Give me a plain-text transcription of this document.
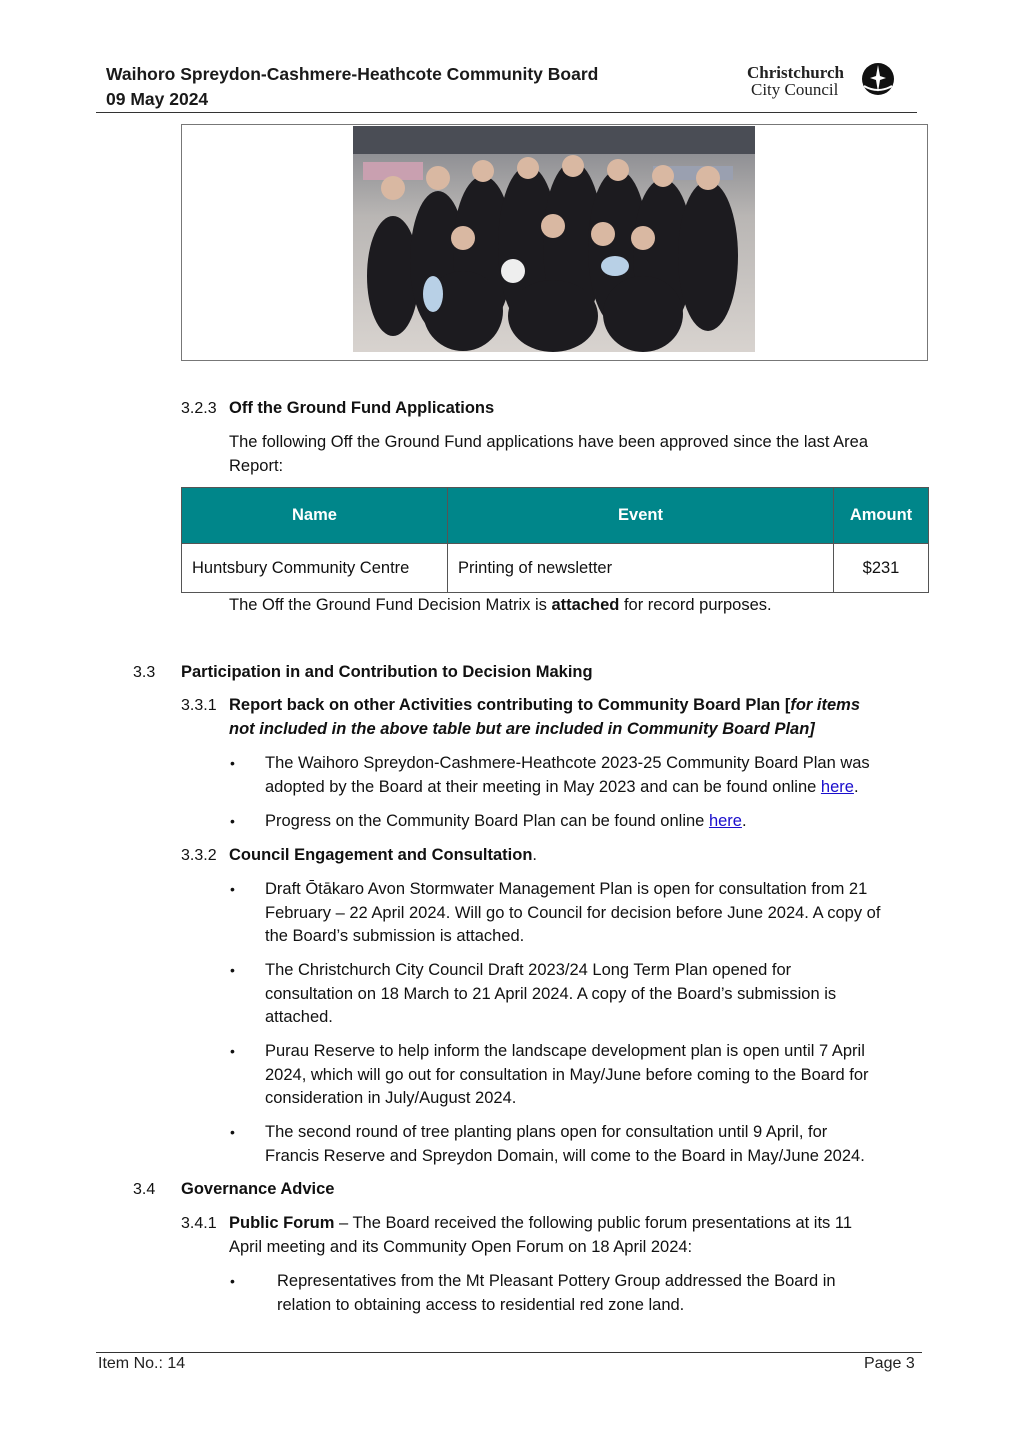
Waihoro Spreydon-Cashmere-Heathcote Community Board
09 May 2024
Christchurch
City Council
3.2.3 Off the Ground Fund Applications
The following Off the Ground Fund applications have been approved since the last Area
Report:
Name	Event	Amount
Huntsbury Community Centre	Printing of newsletter	$231
The Off the Ground Fund Decision Matrix is attached for record purposes.
3.3 Participation in and Contribution to Decision Making
3.3.1 Report back on other Activities contributing to Community Board Plan [for items
not included in the above table but are included in Community Board Plan]
• The Waihoro Spreydon-Cashmere-Heathcote 2023-25 Community Board Plan was
adopted by the Board at their meeting in May 2023 and can be found online here.
• Progress on the Community Board Plan can be found online here.
3.3.2 Council Engagement and Consultation.
• Draft Ōtākaro Avon Stormwater Management Plan is open for consultation from 21
February – 22 April 2024. Will go to Council for decision before June 2024. A copy of
the Board’s submission is attached.
• The Christchurch City Council Draft 2023/24 Long Term Plan opened for
consultation on 18 March to 21 April 2024. A copy of the Board’s submission is
attached.
• Purau Reserve to help inform the landscape development plan is open until 7 April
2024, which will go out for consultation in May/June before coming to the Board for
consideration in July/August 2024.
• The second round of tree planting plans open for consultation until 9 April, for
Francis Reserve and Spreydon Domain, will come to the Board in May/June 2024.
3.4 Governance Advice
3.4.1 Public Forum – The Board received the following public forum presentations at its 11
April meeting and its Community Open Forum on 18 April 2024:
•	Representatives from the Mt Pleasant Pottery Group addressed the Board in
relation to obtaining access to residential red zone land.
Item No.: 14	Page 3
